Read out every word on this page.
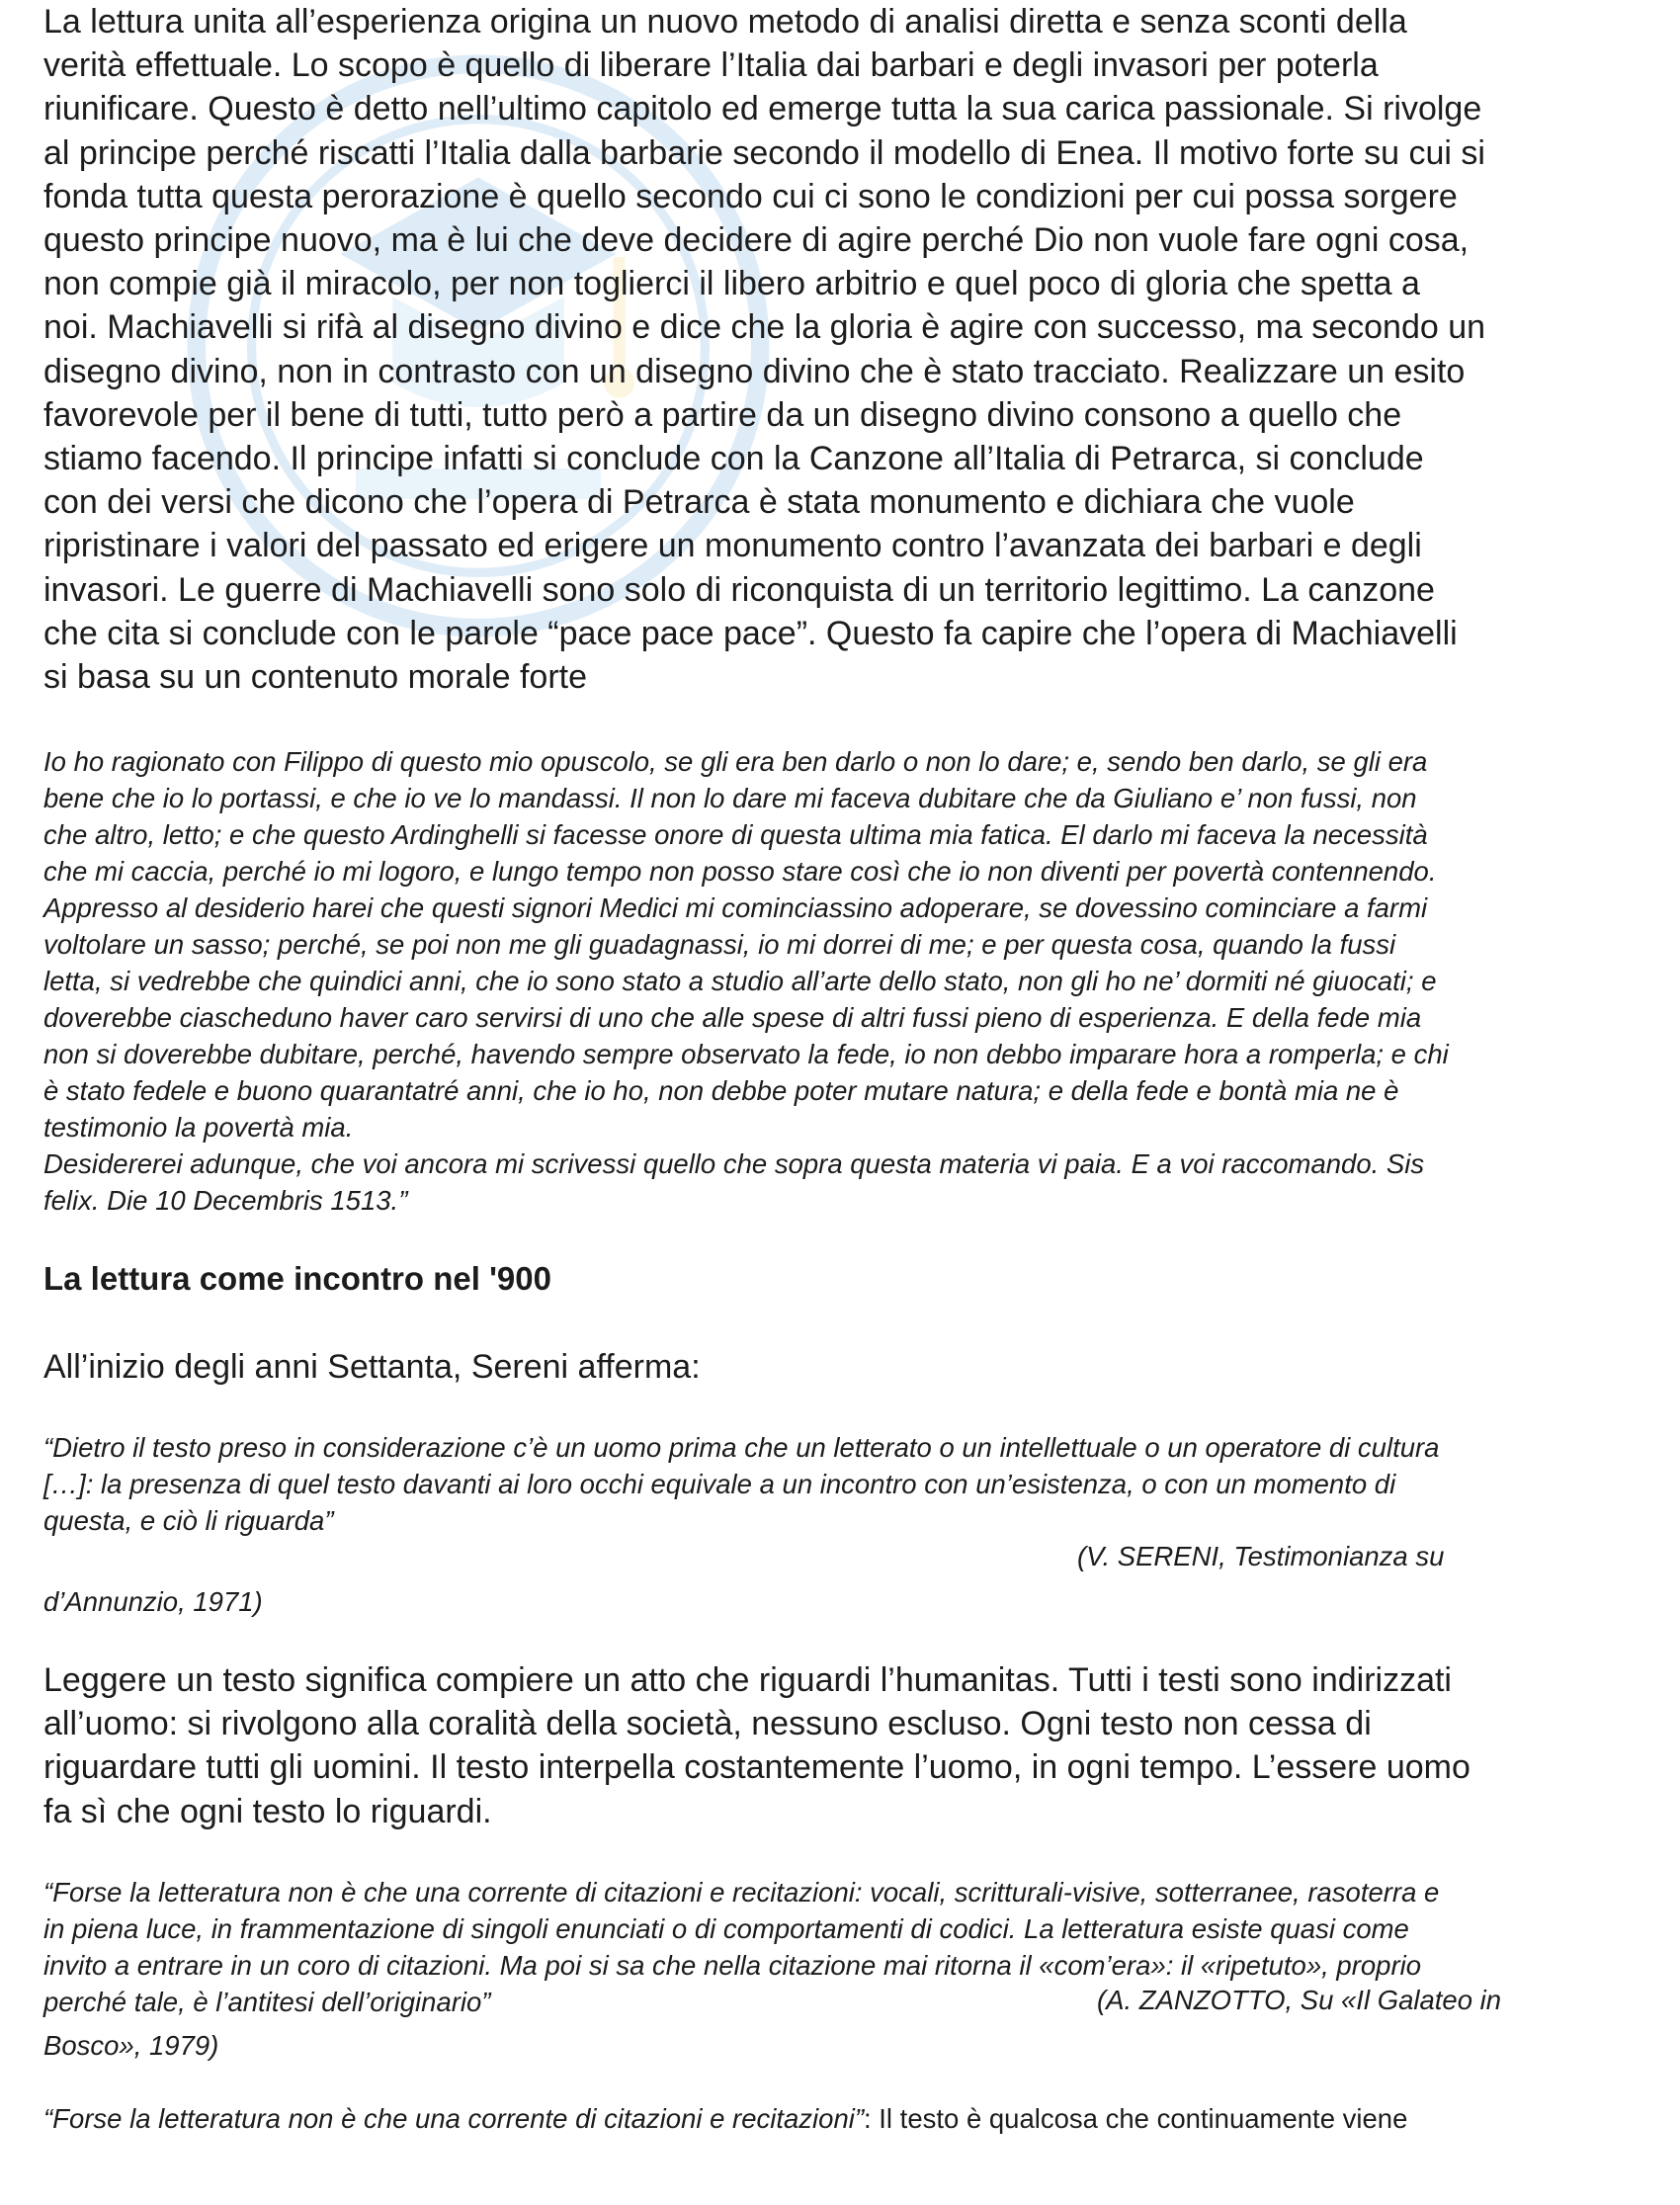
La lettura unita all’esperienza origina un nuovo metodo di analisi diretta e senza sconti della

verità effettuale. Lo scopo è quello di liberare l’Italia dai barbari e degli invasori per poterla

riunificare. Questo è detto nell’ultimo capitolo ed emerge tutta la sua carica passionale. Si rivolge

al principe perché riscatti l’Italia dalla barbarie secondo il modello di Enea. Il motivo forte su cui si

fonda tutta questa perorazione è quello secondo cui ci sono le condizioni per cui possa sorgere

questo principe nuovo, ma è lui che deve decidere di agire perché Dio non vuole fare ogni cosa,

non compie già il miracolo, per non toglierci il libero arbitrio e quel poco di gloria che spetta a

noi. Machiavelli si rifà al disegno divino e dice che la gloria è agire con successo, ma secondo un

disegno divino, non in contrasto con un disegno divino che è stato tracciato. Realizzare un esito

favorevole per il bene di tutti, tutto però a partire da un disegno divino consono a quello che

stiamo facendo. Il principe infatti si conclude con la Canzone all’Italia di Petrarca, si conclude

con dei versi che dicono che l’opera di Petrarca è stata monumento e dichiara che vuole

ripristinare i valori del passato ed erigere un monumento contro l’avanzata dei barbari e degli

invasori. Le guerre di Machiavelli sono solo di riconquista di un territorio legittimo. La canzone

che cita si conclude con le parole “pace pace pace”. Questo fa capire che l’opera di Machiavelli

si basa su un contenuto morale forte

Io ho ragionato con Filippo di questo mio opuscolo, se gli era ben darlo o non lo dare; e, sendo ben darlo, se gli era

bene che io lo portassi, e che io ve lo mandassi. Il non lo dare mi faceva dubitare che da Giuliano e’ non fussi, non

che altro, letto; e che questo Ardinghelli si facesse onore di questa ultima mia fatica. El darlo mi faceva la necessità

che mi caccia, perché io mi logoro, e lungo tempo non posso stare così che io non diventi per povertà contennendo.

Appresso al desiderio harei che questi signori Medici mi cominciassino adoperare, se dovessino cominciare a farmi

voltolare un sasso; perché, se poi non me gli guadagnassi, io mi dorrei di me; e per questa cosa, quando la fussi

letta, si vedrebbe che quindici anni, che io sono stato a studio all’arte dello stato, non gli ho ne’ dormiti né giuocati; e

doverebbe ciascheduno haver caro servirsi di uno che alle spese di altri fussi pieno di esperienza. E della fede mia

non si doverebbe dubitare, perché, havendo sempre observato la fede, io non debbo imparare hora a romperla; e chi

è stato fedele e buono quarantatré anni, che io ho, non debbe poter mutare natura; e della fede e bontà mia ne è

testimonio la povertà mia.

Desidererei adunque, che voi ancora mi scrivessi quello che sopra questa materia vi paia. E a voi raccomando. Sis

felix. Die 10 Decembris 1513.”

La lettura come incontro nel '900

All’inizio degli anni Settanta, Sereni afferma:

“Dietro il testo preso in considerazione c’è un uomo prima che un letterato o un intellettuale o un operatore di cultura

[…]: la presenza di quel testo davanti ai loro occhi equivale a un incontro con un’esistenza, o con un momento di

questa, e ciò li riguarda”

(V. SERENI, Testimonianza su

d’Annunzio, 1971)

Leggere un testo significa compiere un atto che riguardi l’humanitas. Tutti i testi sono indirizzati

all’uomo: si rivolgono alla coralità della società, nessuno escluso. Ogni testo non cessa di

riguardare tutti gli uomini. Il testo interpella costantemente l’uomo, in ogni tempo. L’essere uomo

fa sì che ogni testo lo riguardi.

“Forse la letteratura non è che una corrente di citazioni e recitazioni: vocali, scritturali-visive, sotterranee, rasoterra e

in piena luce, in frammentazione di singoli enunciati o di comportamenti di codici. La letteratura esiste quasi come

invito a entrare in un coro di citazioni. Ma poi si sa che nella citazione mai ritorna il «com’era»: il «ripetuto», proprio

perché tale, è l’antitesi dell’originario”	(A. ZANZOTTO, Su «Il Galateo in

Bosco», 1979)

“Forse la letteratura non è che una corrente di citazioni e recitazioni”: Il testo è qualcosa che continuamente viene
